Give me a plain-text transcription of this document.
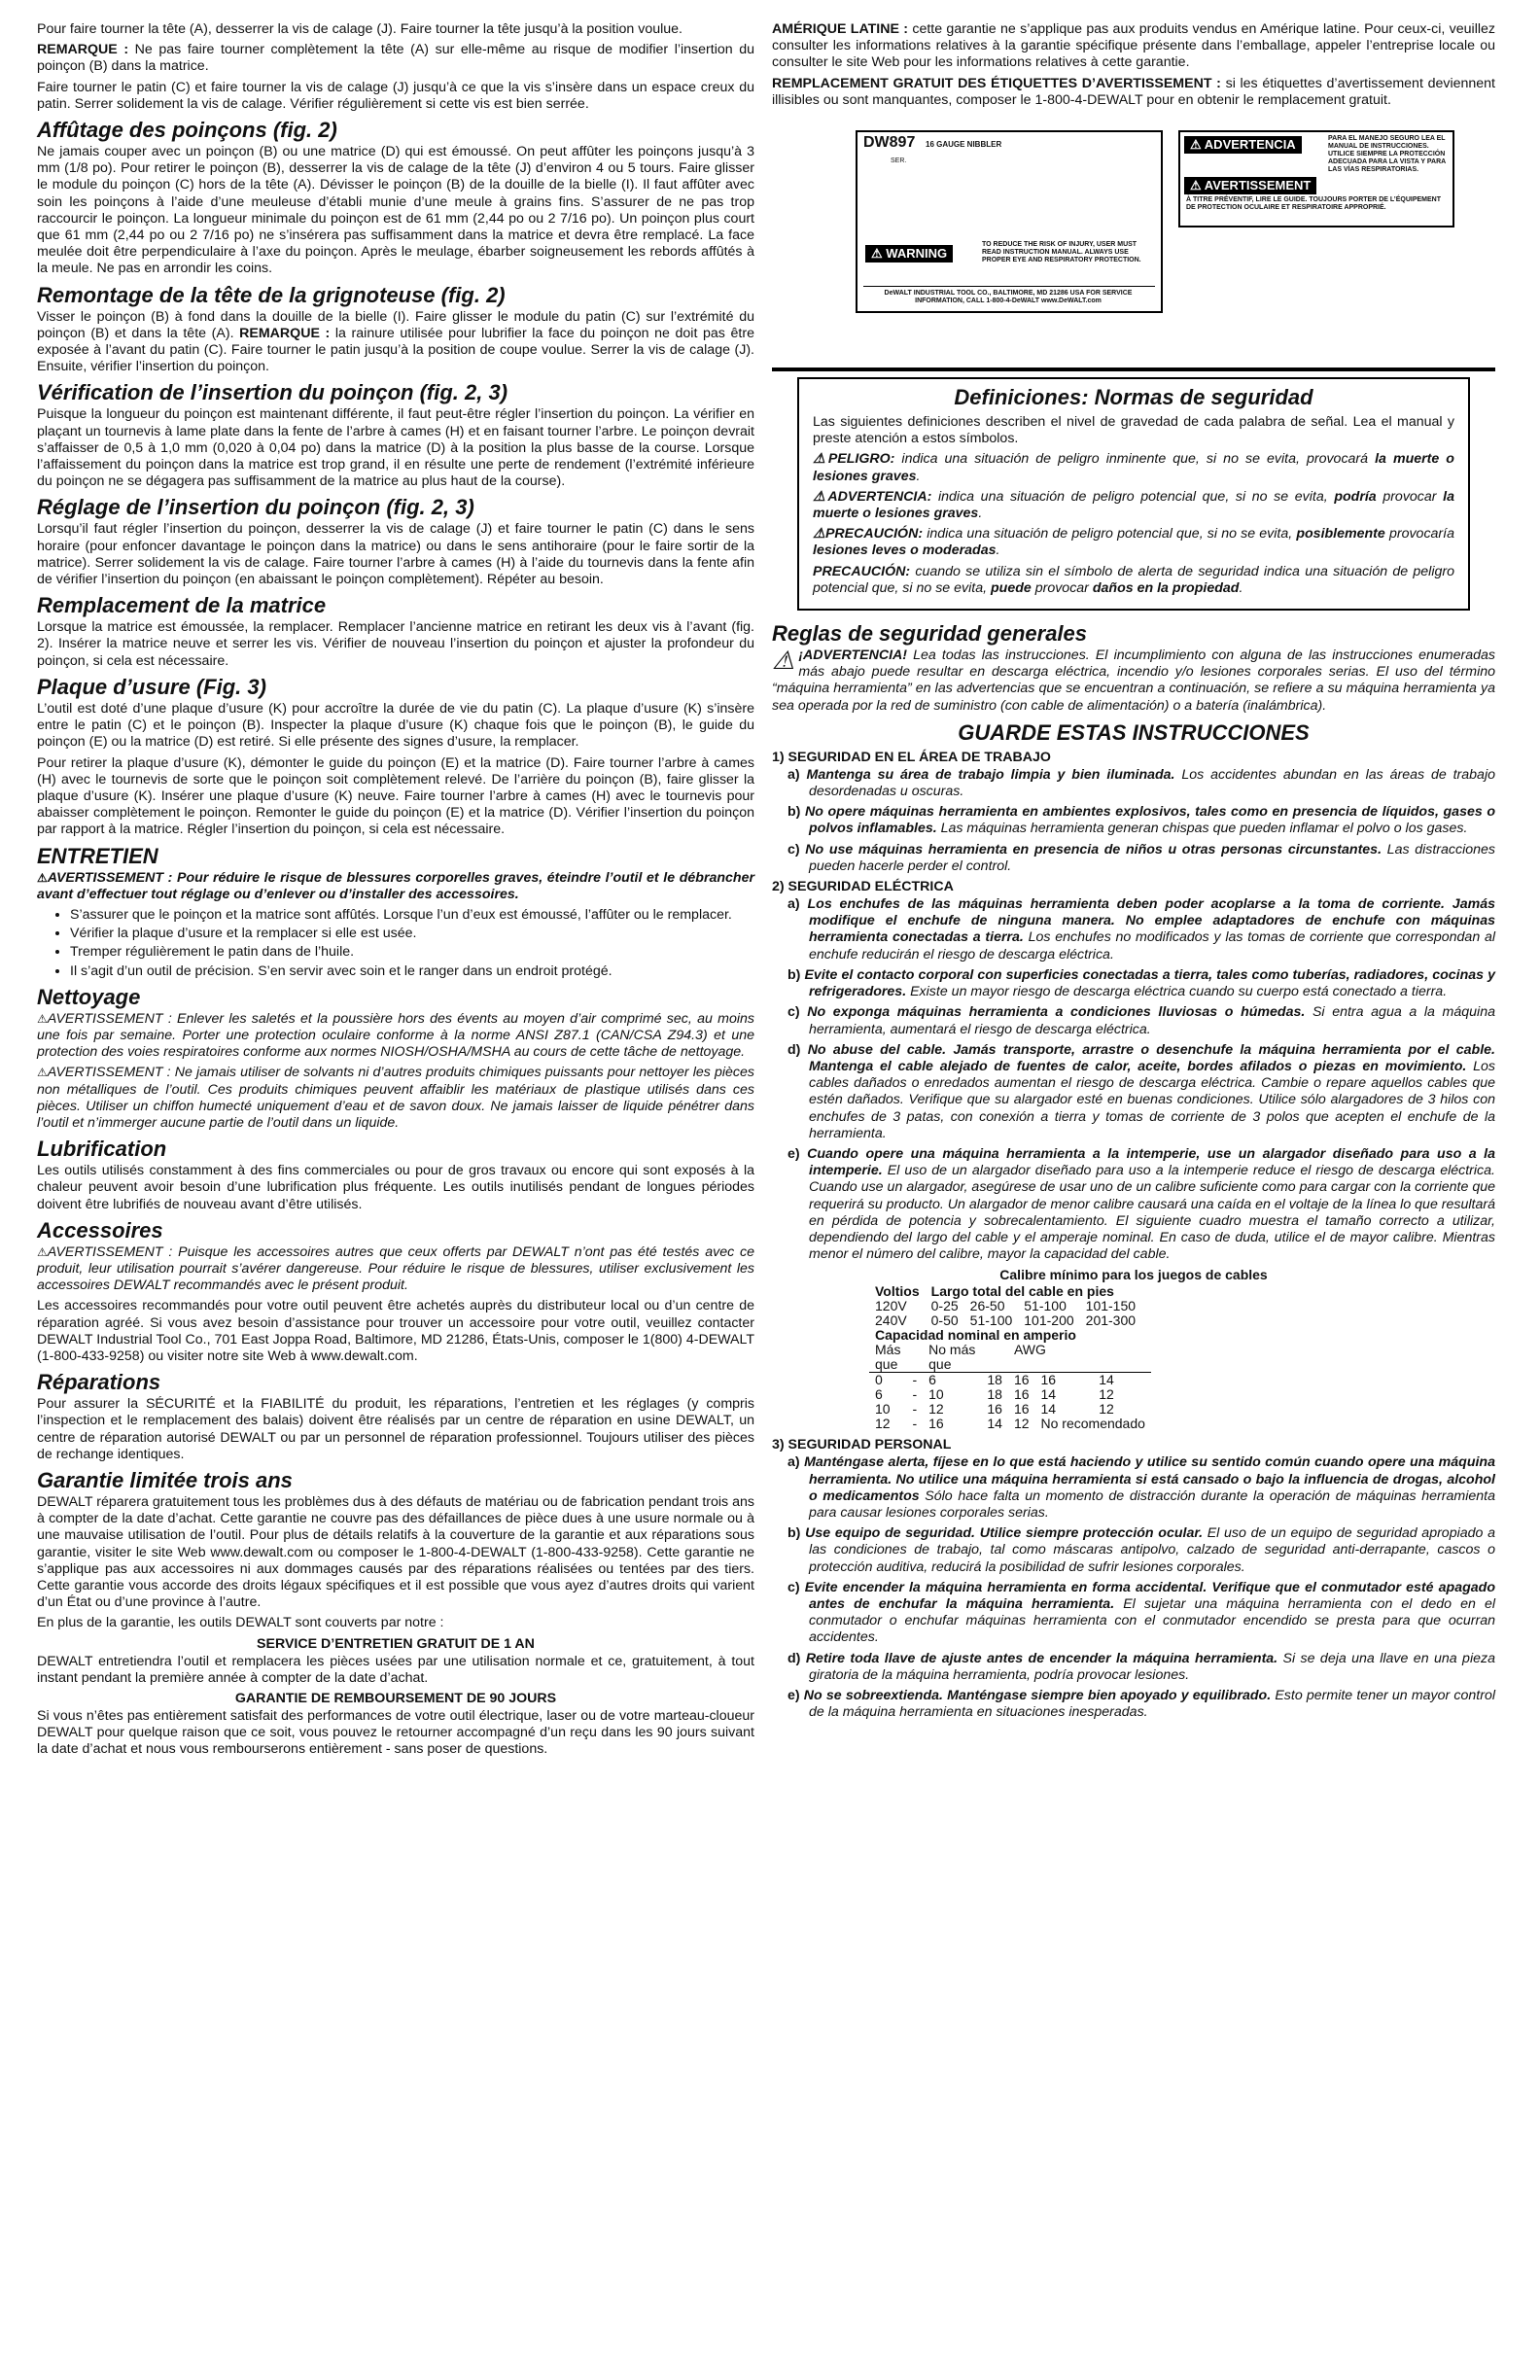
Pour faire tourner la tête (A), desserrer la vis de calage (J). Faire tourner la tête jusqu’à la position voulue.

REMARQUE : Ne pas faire tourner complètement la tête (A) sur elle-même au risque de modifier l’insertion du poinçon (B) dans la matrice.

Faire tourner le patin (C) et faire tourner la vis de calage (J) jusqu’à ce que la vis s’insère dans un espace creux du patin. Serrer solidement la vis de calage. Vérifier régulièrement si cette vis est bien serrée.

Affûtage des poinçons (fig. 2)

Ne jamais couper avec un poinçon (B) ou une matrice (D) qui est émoussé. On peut affûter les poinçons jusqu’à 3 mm (1/8 po). Pour retirer le poinçon (B), desserrer la vis de calage de la tête (J) d’environ 4 ou 5 tours. Faire glisser le module du poinçon (C) hors de la tête (A). Dévisser le poinçon (B) de la douille de la bielle (I). Il faut affûter avec soin les poinçons à l’aide d’une meuleuse d’établi munie d’une meule à grains fins. S’assurer de ne pas trop raccourcir le poinçon. La longueur minimale du poinçon est de 61 mm (2,44 po ou 2 7/16 po). Un poinçon plus court que 61 mm (2,44 po ou 2 7/16 po) ne s’insérera pas suffisamment dans la matrice et devra être remplacé. La face meulée doit être perpendiculaire à l’axe du poinçon. Après le meulage, ébarber soigneusement les rebords affûtés à la meule. Ne pas en arrondir les coins.

Remontage de la tête de la grignoteuse (fig. 2)

Visser le poinçon (B) à fond dans la douille de la bielle (I). Faire glisser le module du patin (C) sur l’extrémité du poinçon (B) et dans la tête (A). REMARQUE : la rainure utilisée pour lubrifier la face du poinçon ne doit pas être exposée à l’avant du patin (C). Faire tourner le patin jusqu’à la position de coupe voulue. Serrer la vis de calage (J). Ensuite, vérifier l’insertion du poinçon.

Vérification de l’insertion du poinçon (fig. 2, 3)

Puisque la longueur du poinçon est maintenant différente, il faut peut-être régler l’insertion du poinçon. La vérifier en plaçant un tournevis à lame plate dans la fente de l’arbre à cames (H) et en faisant tourner l’arbre. Le poinçon devrait s’affaisser de 0,5 à 1,0 mm (0,020 à 0,04 po) dans la matrice (D) à la position la plus basse de la course. Lorsque l’affaissement du poinçon dans la matrice est trop grand, il en résulte une perte de rendement (l’extrémité inférieure du poinçon ne se dégagera pas suffisamment de la matrice au plus haut de la course).

Réglage de l’insertion du poinçon (fig. 2, 3)

Lorsqu’il faut régler l’insertion du poinçon, desserrer la vis de calage (J) et faire tourner le patin (C) dans le sens horaire (pour enfoncer davantage le poinçon dans la matrice) ou dans le sens antihoraire (pour le faire sortir de la matrice). Serrer solidement la vis de calage. Faire tourner l’arbre à cames (H) à l’aide du tournevis dans la fente afin de vérifier l’insertion du poinçon (en abaissant le poinçon complètement). Répéter au besoin.

Remplacement de la matrice

Lorsque la matrice est émoussée, la remplacer. Remplacer l’ancienne matrice en retirant les deux vis à l’avant (fig. 2). Insérer la matrice neuve et serrer les vis. Vérifier de nouveau l’insertion du poinçon et ajuster la profondeur du poinçon, si cela est nécessaire.

Plaque d’usure (Fig. 3)

L’outil est doté d’une plaque d’usure (K) pour accroître la durée de vie du patin (C). La plaque d’usure (K) s’insère entre le patin (C) et le poinçon (B). Inspecter la plaque d’usure (K) chaque fois que le poinçon (B), le guide du poinçon (E) ou la matrice (D) est retiré. Si elle présente des signes d’usure, la remplacer.

Pour retirer la plaque d’usure (K), démonter le guide du poinçon (E) et la matrice (D). Faire tourner l’arbre à cames (H) avec le tournevis de sorte que le poinçon soit complètement relevé. De l’arrière du poinçon (B), faire glisser la plaque d’usure (K). Insérer une plaque d’usure (K) neuve. Faire tourner l’arbre à cames (H) avec le tournevis pour abaisser complètement le poinçon. Remonter le guide du poinçon (E) et la matrice (D). Vérifier l’insertion du poinçon par rapport à la matrice. Régler l’insertion du poinçon, si cela est nécessaire.

ENTRETIEN

⚠AVERTISSEMENT : Pour réduire le risque de blessures corporelles graves, éteindre l’outil et le débrancher avant d’effectuer tout réglage ou d’enlever ou d’installer des accessoires.

• S’assurer que le poinçon et la matrice sont affûtés. Lorsque l’un d’eux est émoussé, l’affûter ou le remplacer.
• Vérifier la plaque d’usure et la remplacer si elle est usée.
• Tremper régulièrement le patin dans de l’huile.
• Il s’agit d’un outil de précision. S’en servir avec soin et le ranger dans un endroit protégé.
Nettoyage

⚠AVERTISSEMENT : Enlever les saletés et la poussière hors des évents au moyen d’air comprimé sec, au moins une fois par semaine. Porter une protection oculaire conforme à la norme ANSI Z87.1 (CAN/CSA Z94.3) et une protection des voies respiratoires conforme aux normes NIOSH/OSHA/MSHA au cours de cette tâche de nettoyage.

⚠AVERTISSEMENT : Ne jamais utiliser de solvants ni d’autres produits chimiques puissants pour nettoyer les pièces non métalliques de l’outil. Ces produits chimiques peuvent affaiblir les matériaux de plastique utilisés dans ces pièces. Utiliser un chiffon humecté uniquement d’eau et de savon doux. Ne jamais laisser de liquide pénétrer dans l’outil et n’immerger aucune partie de l’outil dans un liquide.

Lubrification

Les outils utilisés constamment à des fins commerciales ou pour de gros travaux ou encore qui sont exposés à la chaleur peuvent avoir besoin d’une lubrification plus fréquente. Les outils inutilisés pendant de longues périodes doivent être lubrifiés de nouveau avant d’être utilisés.

Accessoires

⚠AVERTISSEMENT : Puisque les accessoires autres que ceux offerts par DEWALT n’ont pas été testés avec ce produit, leur utilisation pourrait s’avérer dangereuse. Pour réduire le risque de blessures, utiliser exclusivement les accessoires DEWALT recommandés avec le présent produit.

Les accessoires recommandés pour votre outil peuvent être achetés auprès du distributeur local ou d’un centre de réparation agréé. Si vous avez besoin d’assistance pour trouver un accessoire pour votre outil, veuillez contacter DEWALT Industrial Tool Co., 701 East Joppa Road, Baltimore, MD 21286, États-Unis, composer le 1(800) 4-DEWALT (1-800-433-9258) ou visiter notre site Web à www.dewalt.com.

Réparations

Pour assurer la SÉCURITÉ et la FIABILITÉ du produit, les réparations, l’entretien et les réglages (y compris l’inspection et le remplacement des balais) doivent être réalisés par un centre de réparation en usine DEWALT, un centre de réparation autorisé DEWALT ou par un personnel de réparation professionnel. Toujours utiliser des pièces de rechange identiques.

Garantie limitée trois ans

DEWALT réparera gratuitement tous les problèmes dus à des défauts de matériau ou de fabrication pendant trois ans à compter de la date d’achat. Cette garantie ne couvre pas des défaillances de pièce dues à une usure normale ou à une mauvaise utilisation de l’outil. Pour plus de détails relatifs à la couverture de la garantie et aux réparations sous garantie, visiter le site Web www.dewalt.com ou composer le 1-800-4-DEWALT (1-800-433-9258). Cette garantie ne s’applique pas aux accessoires ni aux dommages causés par des réparations réalisées ou tentées par des tiers. Cette garantie vous accorde des droits légaux spécifiques et il est possible que vous ayez d’autres droits qui varient d’un État ou d’une province à l’autre.

En plus de la garantie, les outils DEWALT sont couverts par notre :

SERVICE D’ENTRETIEN GRATUIT DE 1 AN

DEWALT entretiendra l’outil et remplacera les pièces usées par une utilisation normale et ce, gratuitement, à tout instant pendant la première année à compter de la date d’achat.

GARANTIE DE REMBOURSEMENT DE 90 JOURS

Si vous n’êtes pas entièrement satisfait des performances de votre outil électrique, laser ou de votre marteau-cloueur DEWALT pour quelque raison que ce soit, vous pouvez le retourner accompagné d’un reçu dans les 90 jours suivant la date d’achat et nous vous rembourserons entièrement - sans poser de questions.

AMÉRIQUE LATINE : cette garantie ne s’applique pas aux produits vendus en Amérique latine. Pour ceux-ci, veuillez consulter les informations relatives à la garantie spécifique présente dans l’emballage, appeler l’entreprise locale ou consulter le site Web pour les informations relatives à cette garantie.

REMPLACEMENT GRATUIT DES ÉTIQUETTES D’AVERTISSEMENT : si les étiquettes d’avertissement deviennent illisibles ou sont manquantes, composer le 1-800-4-DEWALT pour en obtenir le remplacement gratuit.

DW897 16 GAUGE NIBBLER
SER.
⚠ WARNING
TO REDUCE THE RISK OF INJURY, USER MUST READ INSTRUCTION MANUAL. ALWAYS USE PROPER EYE AND RESPIRATORY PROTECTION.
DeWALT INDUSTRIAL TOOL CO., BALTIMORE, MD 21286 USA FOR SERVICE INFORMATION, CALL 1-800-4-DeWALT www.DeWALT.com
⚠ ADVERTENCIA	PARA EL MANEJO SEGURO LEA EL MANUAL DE INSTRUCCIONES. UTILICE SIEMPRE LA PROTECCIÓN ADECUADA PARA LA VISTA Y PARA LAS VÍAS RESPIRATORIAS.
⚠ AVERTISSEMENT
À TITRE PRÉVENTIF, LIRE LE GUIDE. TOUJOURS PORTER DE L’ÉQUIPEMENT DE PROTECTION OCULAIRE ET RESPIRATOIRE APPROPRIÉ.
Definiciones: Normas de seguridad

Las siguientes definiciones describen el nivel de gravedad de cada palabra de señal. Lea el manual y preste atención a estos símbolos.

⚠PELIGRO: indica una situación de peligro inminente que, si no se evita, provocará la muerte o lesiones graves.

⚠ADVERTENCIA: indica una situación de peligro potencial que, si no se evita, podría provocar la muerte o lesiones graves.

⚠PRECAUCIÓN: indica una situación de peligro potencial que, si no se evita, posiblemente provocaría lesiones leves o moderadas.

PRECAUCIÓN: cuando se utiliza sin el símbolo de alerta de seguridad indica una situación de peligro potencial que, si no se evita, puede provocar daños en la propiedad.

Reglas de seguridad generales

⚠ ¡ADVERTENCIA! Lea todas las instrucciones. El incumplimiento con alguna de las instrucciones enumeradas más abajo puede resultar en descarga eléctrica, incendio y/o lesiones corporales serias. El uso del término “máquina herramienta” en las advertencias que se encuentran a continuación, se refiere a su máquina herramienta ya sea operada por la red de suministro (con cable de alimentación) o a batería (inalámbrica).

GUARDE ESTAS INSTRUCCIONES
1) SEGURIDAD EN EL ÁREA DE TRABAJO

a) Mantenga su área de trabajo limpia y bien iluminada. Los accidentes abundan en las áreas de trabajo desordenadas u oscuras.

b) No opere máquinas herramienta en ambientes explosivos, tales como en presencia de líquidos, gases o polvos inflamables. Las máquinas herramienta generan chispas que pueden inflamar el polvo o los gases.

c) No use máquinas herramienta en presencia de niños u otras personas circunstantes. Las distracciones pueden hacerle perder el control.

2) SEGURIDAD ELÉCTRICA

a) Los enchufes de las máquinas herramienta deben poder acoplarse a la toma de corriente. Jamás modifique el enchufe de ninguna manera. No emplee adaptadores de enchufe con máquinas herramienta conectadas a tierra. Los enchufes no modificados y las tomas de corriente que correspondan al enchufe reducirán el riesgo de descarga eléctrica.

b) Evite el contacto corporal con superficies conectadas a tierra, tales como tuberías, radiadores, cocinas y refrigeradores. Existe un mayor riesgo de descarga eléctrica cuando su cuerpo está conectado a tierra.

c) No exponga máquinas herramienta a condiciones lluviosas o húmedas. Si entra agua a la máquina herramienta, aumentará el riesgo de descarga eléctrica.

d) No abuse del cable. Jamás transporte, arrastre o desenchufe la máquina herramienta por el cable. Mantenga el cable alejado de fuentes de calor, aceite, bordes afilados o piezas en movimiento. Los cables dañados o enredados aumentan el riesgo de descarga eléctrica. Cambie o repare aquellos cables que estén dañados. Verifique que su alargador esté en buenas condiciones. Utilice sólo alargadores de 3 hilos con enchufes de 3 patas, con conexión a tierra y tomas de corriente de 3 polos que acepten el enchufe de la herramienta.

e) Cuando opere una máquina herramienta a la intemperie, use un alargador diseñado para uso a la intemperie. El uso de un alargador diseñado para uso a la intemperie reduce el riesgo de descarga eléctrica. Cuando use un alargador, asegúrese de usar uno de un calibre suficiente como para cargar con la corriente que requerirá su producto. Un alargador de menor calibre causará una caída en el voltaje de la línea lo que resultará en pérdida de potencia y sobrecalentamiento. El siguiente cuadro muestra el tamaño correcto a utilizar, dependiendo del largo del cable y el amperaje nominal. En caso de duda, utilice el de mayor calibre. Mientras menor el número del calibre, mayor la capacidad del cable.

Calibre mínimo para los juegos de cables
Voltios	Largo total del cable en pies			
120V	0-25	26-50	51-100	101-150
240V	0-50	51-100	101-200	201-300
Capacidad nominal en amperio							
Más		No más		AWG			
que		que					
0	-	6	18	16	16	14	
6	-	10	18	16	14	12	
10	-	12	16	16	14	12	
12	-	16	14	12	No recomendado		
3) SEGURIDAD PERSONAL

a) Manténgase alerta, fíjese en lo que está haciendo y utilice su sentido común cuando opere una máquina herramienta. No utilice una máquina herramienta si está cansado o bajo la influencia de drogas, alcohol o medicamentos Sólo hace falta un momento de distracción durante la operación de máquinas herramienta para causar lesiones corporales serias.

b) Use equipo de seguridad. Utilice siempre protección ocular. El uso de un equipo de seguridad apropiado a las condiciones de trabajo, tal como máscaras antipolvo, calzado de seguridad anti-derrapante, cascos o protección auditiva, reducirá la posibilidad de sufrir lesiones corporales.

c) Evite encender la máquina herramienta en forma accidental. Verifique que el conmutador esté apagado antes de enchufar la máquina herramienta. El sujetar una máquina herramienta con el dedo en el conmutador o enchufar máquinas herramienta con el conmutador encendido se presta para que ocurran accidentes.

d) Retire toda llave de ajuste antes de encender la máquina herramienta. Si se deja una llave en una pieza giratoria de la máquina herramienta, podría provocar lesiones.

e) No se sobreextienda. Manténgase siempre bien apoyado y equilibrado. Esto permite tener un mayor control de la máquina herramienta en situaciones inesperadas.
